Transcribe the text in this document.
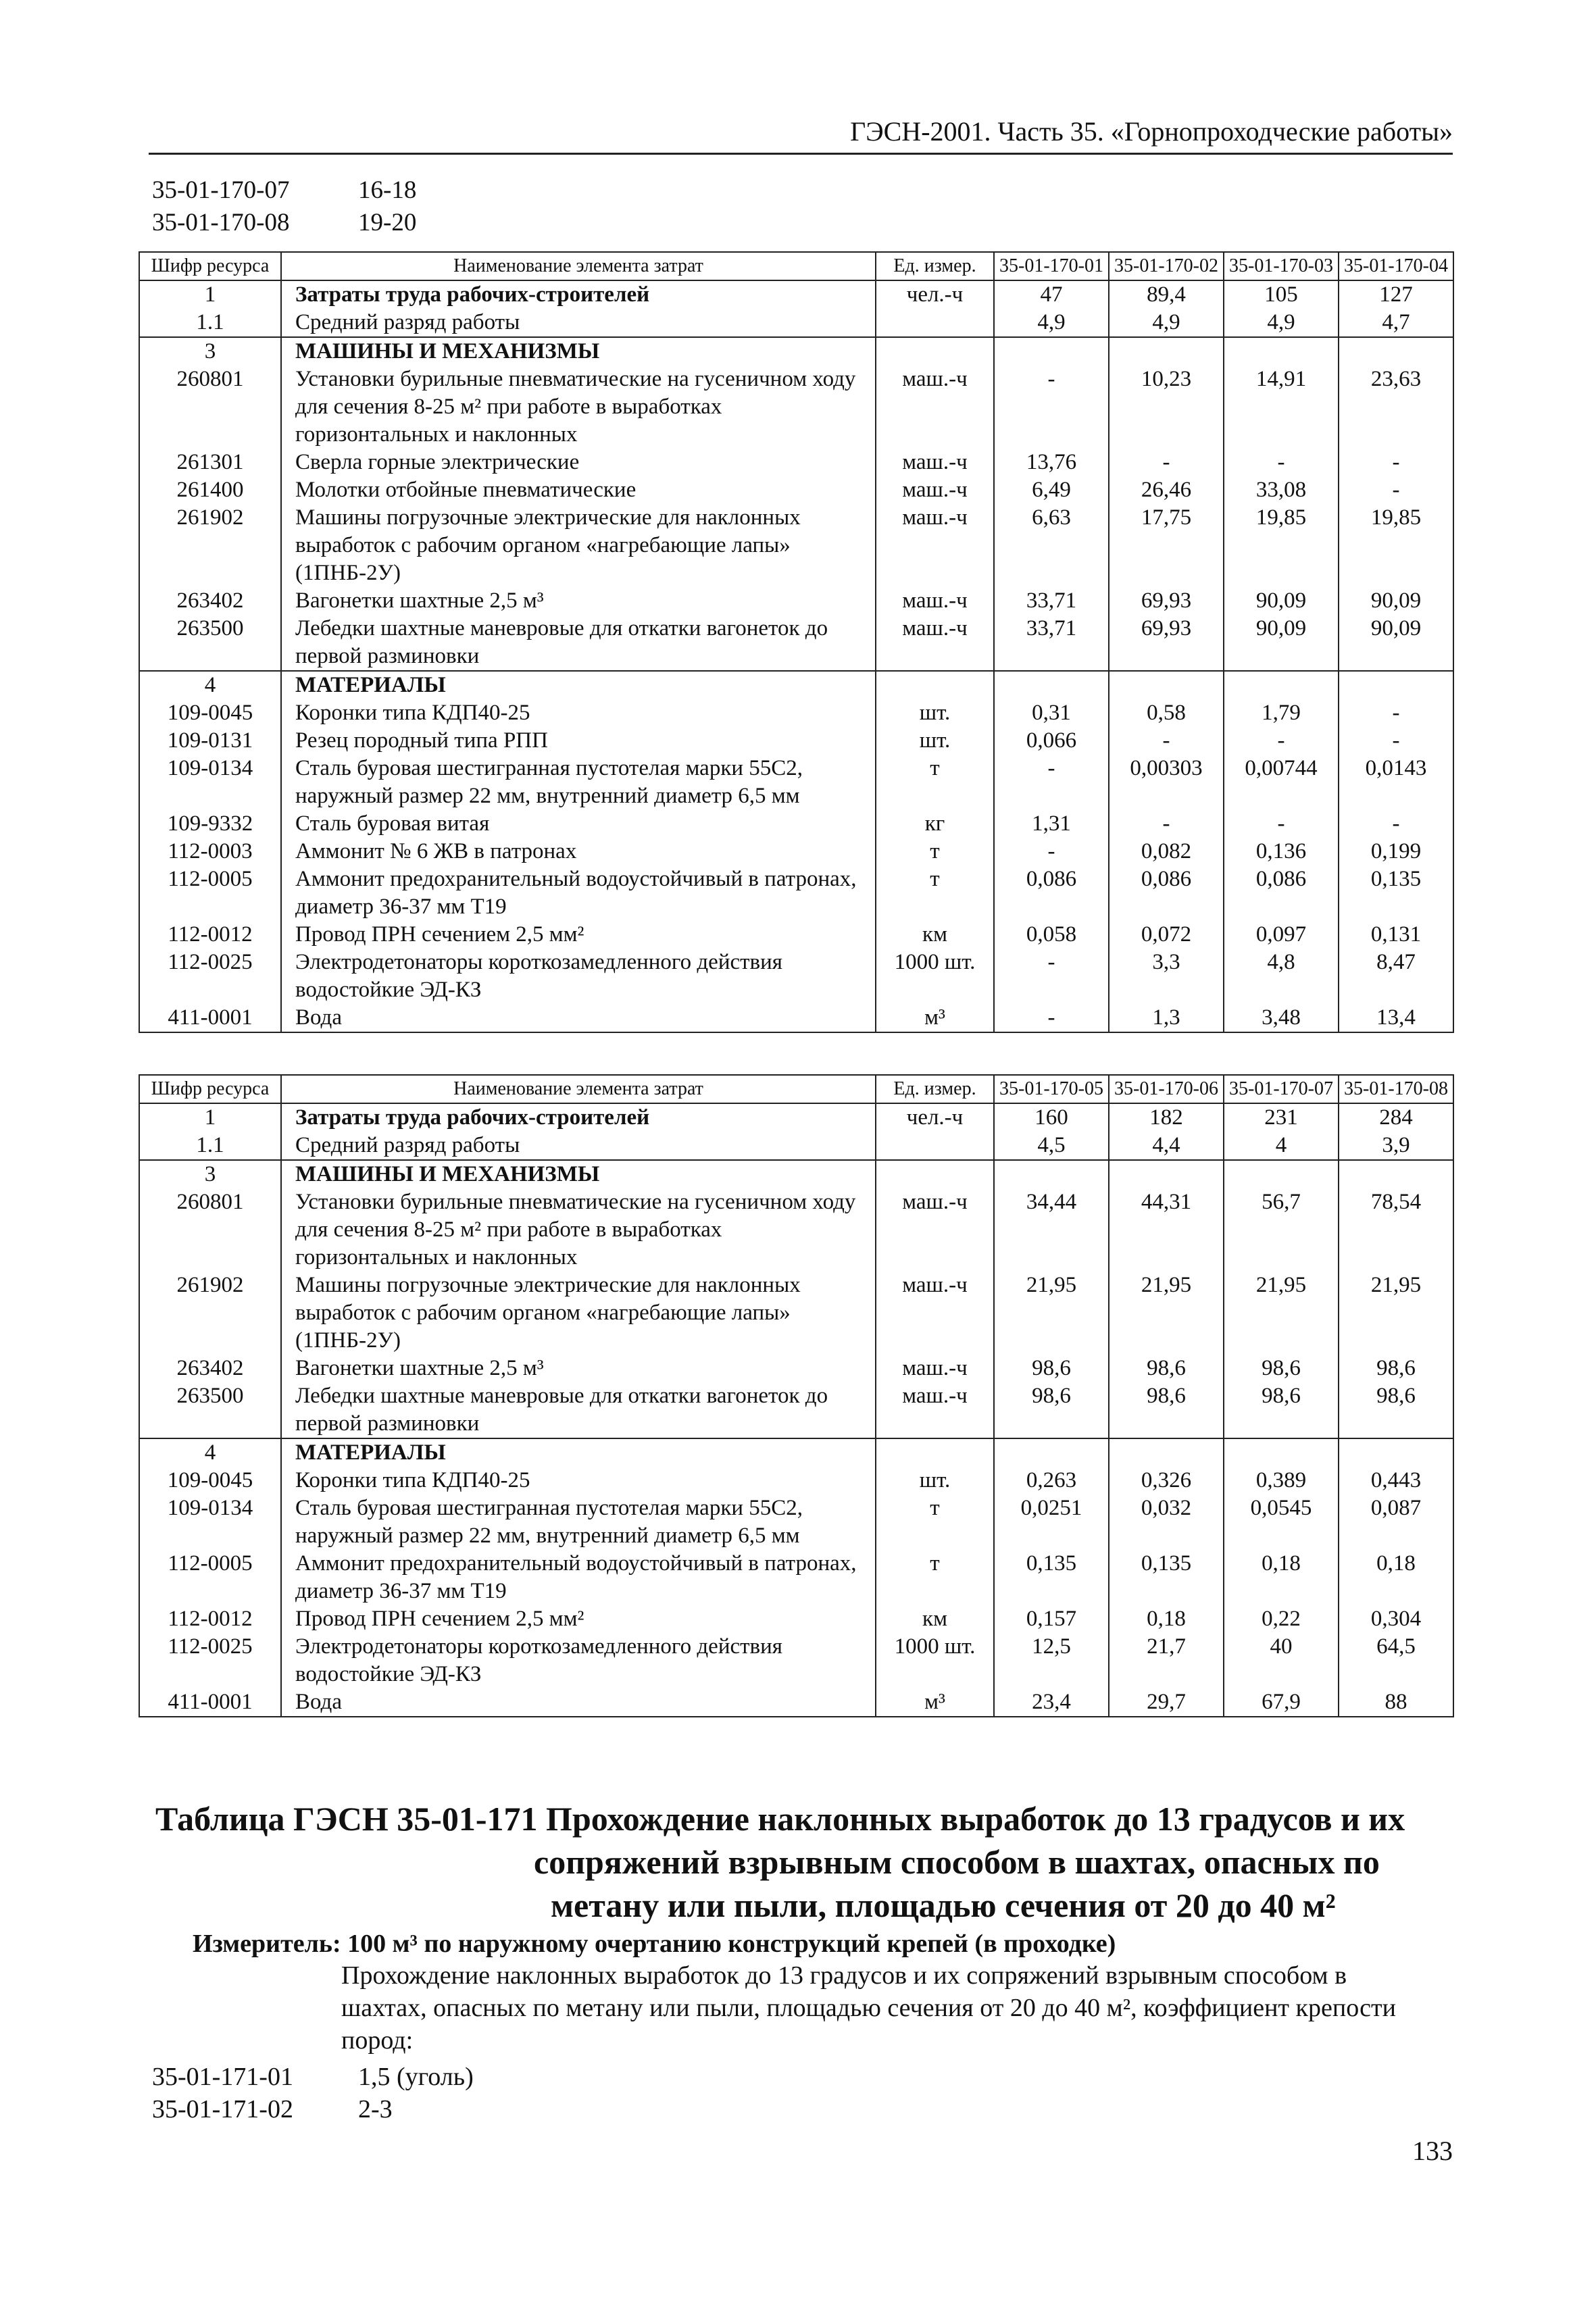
ГЭСН-2001. Часть 35. «Горнопроходческие работы»
35-01-170-07	16-18
35-01-170-08	19-20
Шифр ресурса	Наименование элемента затрат	Ед. измер.	35-01-170-01	35-01-170-02	35-01-170-03	35-01-170-04
1	Затраты труда рабочих-строителей	чел.-ч	47	89,4	105	127
1.1	Средний разряд работы		4,9	4,9	4,9	4,7
3	МАШИНЫ И МЕХАНИЗМЫ					
260801	Установки бурильные пневматические на гусеничном ходу для сечения 8-25 м² при работе в выработках горизонтальных и наклонных	маш.-ч	-	10,23	14,91	23,63
261301	Сверла горные электрические	маш.-ч	13,76	-	-	-
261400	Молотки отбойные пневматические	маш.-ч	6,49	26,46	33,08	-
261902	Машины погрузочные электрические для наклонных выработок с рабочим органом «нагребающие лапы» (1ПНБ-2У)	маш.-ч	6,63	17,75	19,85	19,85
263402	Вагонетки шахтные 2,5 м³	маш.-ч	33,71	69,93	90,09	90,09
263500	Лебедки шахтные маневровые для откатки вагонеток до первой разминовки	маш.-ч	33,71	69,93	90,09	90,09
4	МАТЕРИАЛЫ					
109-0045	Коронки типа КДП40-25	шт.	0,31	0,58	1,79	-
109-0131	Резец породный типа РПП	шт.	0,066	-	-	-
109-0134	Сталь буровая шестигранная пустотелая марки 55С2, наружный размер 22 мм, внутренний диаметр 6,5 мм	т	-	0,00303	0,00744	0,0143
109-9332	Сталь буровая витая	кг	1,31	-	-	-
112-0003	Аммонит № 6 ЖВ в патронах	т	-	0,082	0,136	0,199
112-0005	Аммонит предохранительный водоустойчивый в патронах, диаметр 36-37 мм Т19	т	0,086	0,086	0,086	0,135
112-0012	Провод ПРН сечением 2,5 мм²	км	0,058	0,072	0,097	0,131
112-0025	Электродетонаторы короткозамедленного действия водостойкие ЭД-КЗ	1000 шт.	-	3,3	4,8	8,47
411-0001	Вода	м³	-	1,3	3,48	13,4
Шифр ресурса	Наименование элемента затрат	Ед. измер.	35-01-170-05	35-01-170-06	35-01-170-07	35-01-170-08
1	Затраты труда рабочих-строителей	чел.-ч	160	182	231	284
1.1	Средний разряд работы		4,5	4,4	4	3,9
3	МАШИНЫ И МЕХАНИЗМЫ					
260801	Установки бурильные пневматические на гусеничном ходу для сечения 8-25 м² при работе в выработках горизонтальных и наклонных	маш.-ч	34,44	44,31	56,7	78,54
261902	Машины погрузочные электрические для наклонных выработок с рабочим органом «нагребающие лапы» (1ПНБ-2У)	маш.-ч	21,95	21,95	21,95	21,95
263402	Вагонетки шахтные 2,5 м³	маш.-ч	98,6	98,6	98,6	98,6
263500	Лебедки шахтные маневровые для откатки вагонеток до первой разминовки	маш.-ч	98,6	98,6	98,6	98,6
4	МАТЕРИАЛЫ					
109-0045	Коронки типа КДП40-25	шт.	0,263	0,326	0,389	0,443
109-0134	Сталь буровая шестигранная пустотелая марки 55С2, наружный размер 22 мм, внутренний диаметр 6,5 мм	т	0,0251	0,032	0,0545	0,087
112-0005	Аммонит предохранительный водоустойчивый в патронах, диаметр 36-37 мм Т19	т	0,135	0,135	0,18	0,18
112-0012	Провод ПРН сечением 2,5 мм²	км	0,157	0,18	0,22	0,304
112-0025	Электродетонаторы короткозамедленного действия водостойкие ЭД-КЗ	1000 шт.	12,5	21,7	40	64,5
411-0001	Вода	м³	23,4	29,7	67,9	88
Таблица ГЭСН 35-01-171 Прохождение наклонных выработок до 13 градусов и их
сопряжений взрывным способом в шахтах, опасных по
метану или пыли, площадью сечения от 20 до 40 м²
Измеритель: 100 м³ по наружному очертанию конструкций крепей (в проходке)
Прохождение наклонных выработок до 13 градусов и их сопряжений взрывным способом в шахтах, опасных по метану или пыли, площадью сечения от 20 до 40 м², коэффициент крепости пород:
35-01-171-01	1,5 (уголь)
35-01-171-02	2-3
133
